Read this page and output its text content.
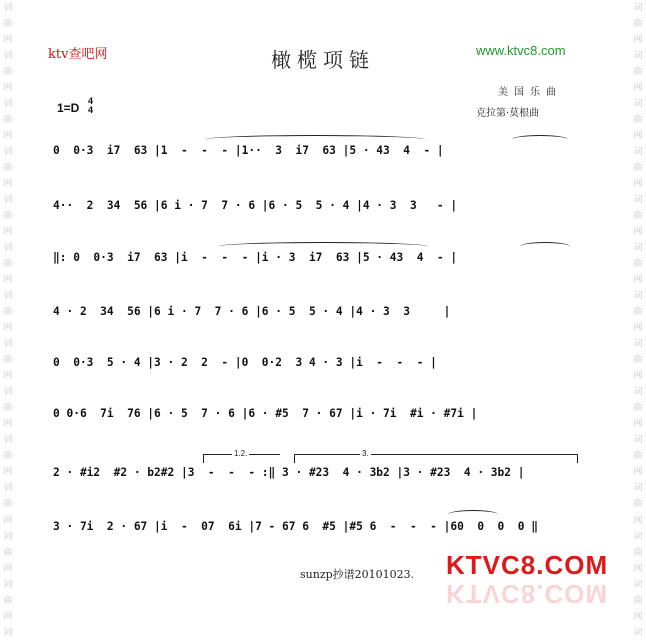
词
曲
网
词
曲
网
词
曲
网
词
曲
网
词
曲
网
词
曲
网
词
曲
网
词
曲
网
词
曲
网
词
曲
网
词
曲
网
词
曲
网
词
曲
网
词
词
曲
网
词
曲
网
词
曲
网
词
曲
网
词
曲
网
词
曲
网
词
曲
网
词
曲
网
词
曲
网
词
曲
网
词
曲
网
词
曲
网
词
曲
网
词
ktv查吧网	橄榄项链	www.ktvc8.com
美国乐曲
克拉第·莫根曲
1=D 4
4
0  0·3  i7  63 |1  -  -  - |1··  3  i7  63 |5 · 43  4  - |
4··  2  34  56 |6 i · 7  7 · 6 |6 · 5  5 · 4 |4 · 3  3   - |
‖: 0  0·3  i7  63 |i  -  -  - |i · 3  i7  63 |5 · 43  4  - |
4 · 2  34  56 |6 i · 7  7 · 6 |6 · 5  5 · 4 |4 · 3  3     |
0  0·3  5 · 4 |3 · 2  2  - |0  0·2  3 4 · 3 |i  -  -  - |
0 0·6  7i  76 |6 · 5  7 · 6 |6 · #5  7 · 67 |i · 7i  #i · #7i |
2 · #i2  #2 · b2#2 |3  -  -  - :‖ 3 · #23  4 · 3b2 |3 · #23  4 · 3b2 |
3 · 7i  2 · 67 |i  -  07  6i |7 - 67 6  #5 |#5 6  -  -  - |60  0  0  0 ‖
1.2.	3.
sunzp抄谱20101023. KTVC8.COM
KTVC8.COM
